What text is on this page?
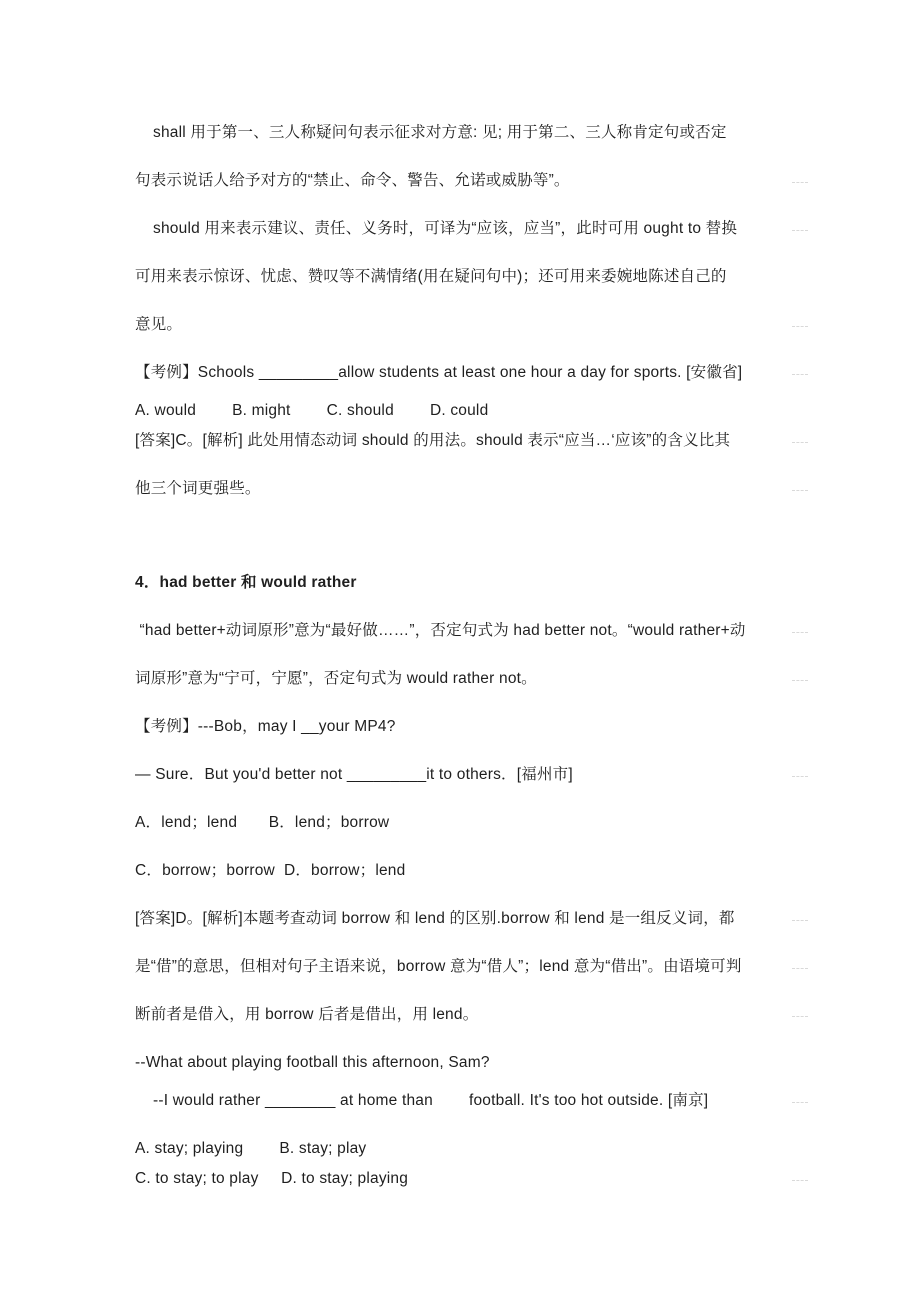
shall 用于第一、三人称疑问句表示征求对方意: 见; 用于第二、三人称肯定句或否定
句表示说话人给予对方的“禁止、命令、警告、允诺或威胁等”。
should 用来表示建议、责任、义务时，可译为“应该，应当”，此时可用 ought to 替换
可用来表示惊讶、忧虑、赞叹等不满情绪(用在疑问句中)；还可用来委婉地陈述自己的
意见。
【考例】Schools _________allow students at least one hour a day for sports. [安徽省]
A. would        B. might        C. should        D. could
[答案]C。[解析] 此处用情态动词 should 的用法。should 表示“应当…‘应该”的含义比其
他三个词更强些。
4．had better 和 would rather
“had better+动词原形”意为“最好做……”，否定句式为 had better not。“would rather+动
词原形”意为“宁可，宁愿”，否定句式为 would rather not。
【考例】---Bob，may I __your MP4?
— Sure．But you'd better not _________it to others．[福州市]
A．lend；lend       B．lend；borrow
C．borrow；borrow  D．borrow；lend
[答案]D。[解析]本题考查动词 borrow 和 lend 的区别.borrow 和 lend 是一组反义词，都
是“借”的意思，但相对句子主语来说，borrow 意为“借人”；lend 意为“借出”。由语境可判
断前者是借入，用 borrow 后者是借出，用 lend。
--What about playing football this afternoon, Sam?
--I would rather ________ at home than        football. It's too hot outside. [南京]
A. stay; playing        B. stay; play
C. to stay; to play     D. to stay; playing
